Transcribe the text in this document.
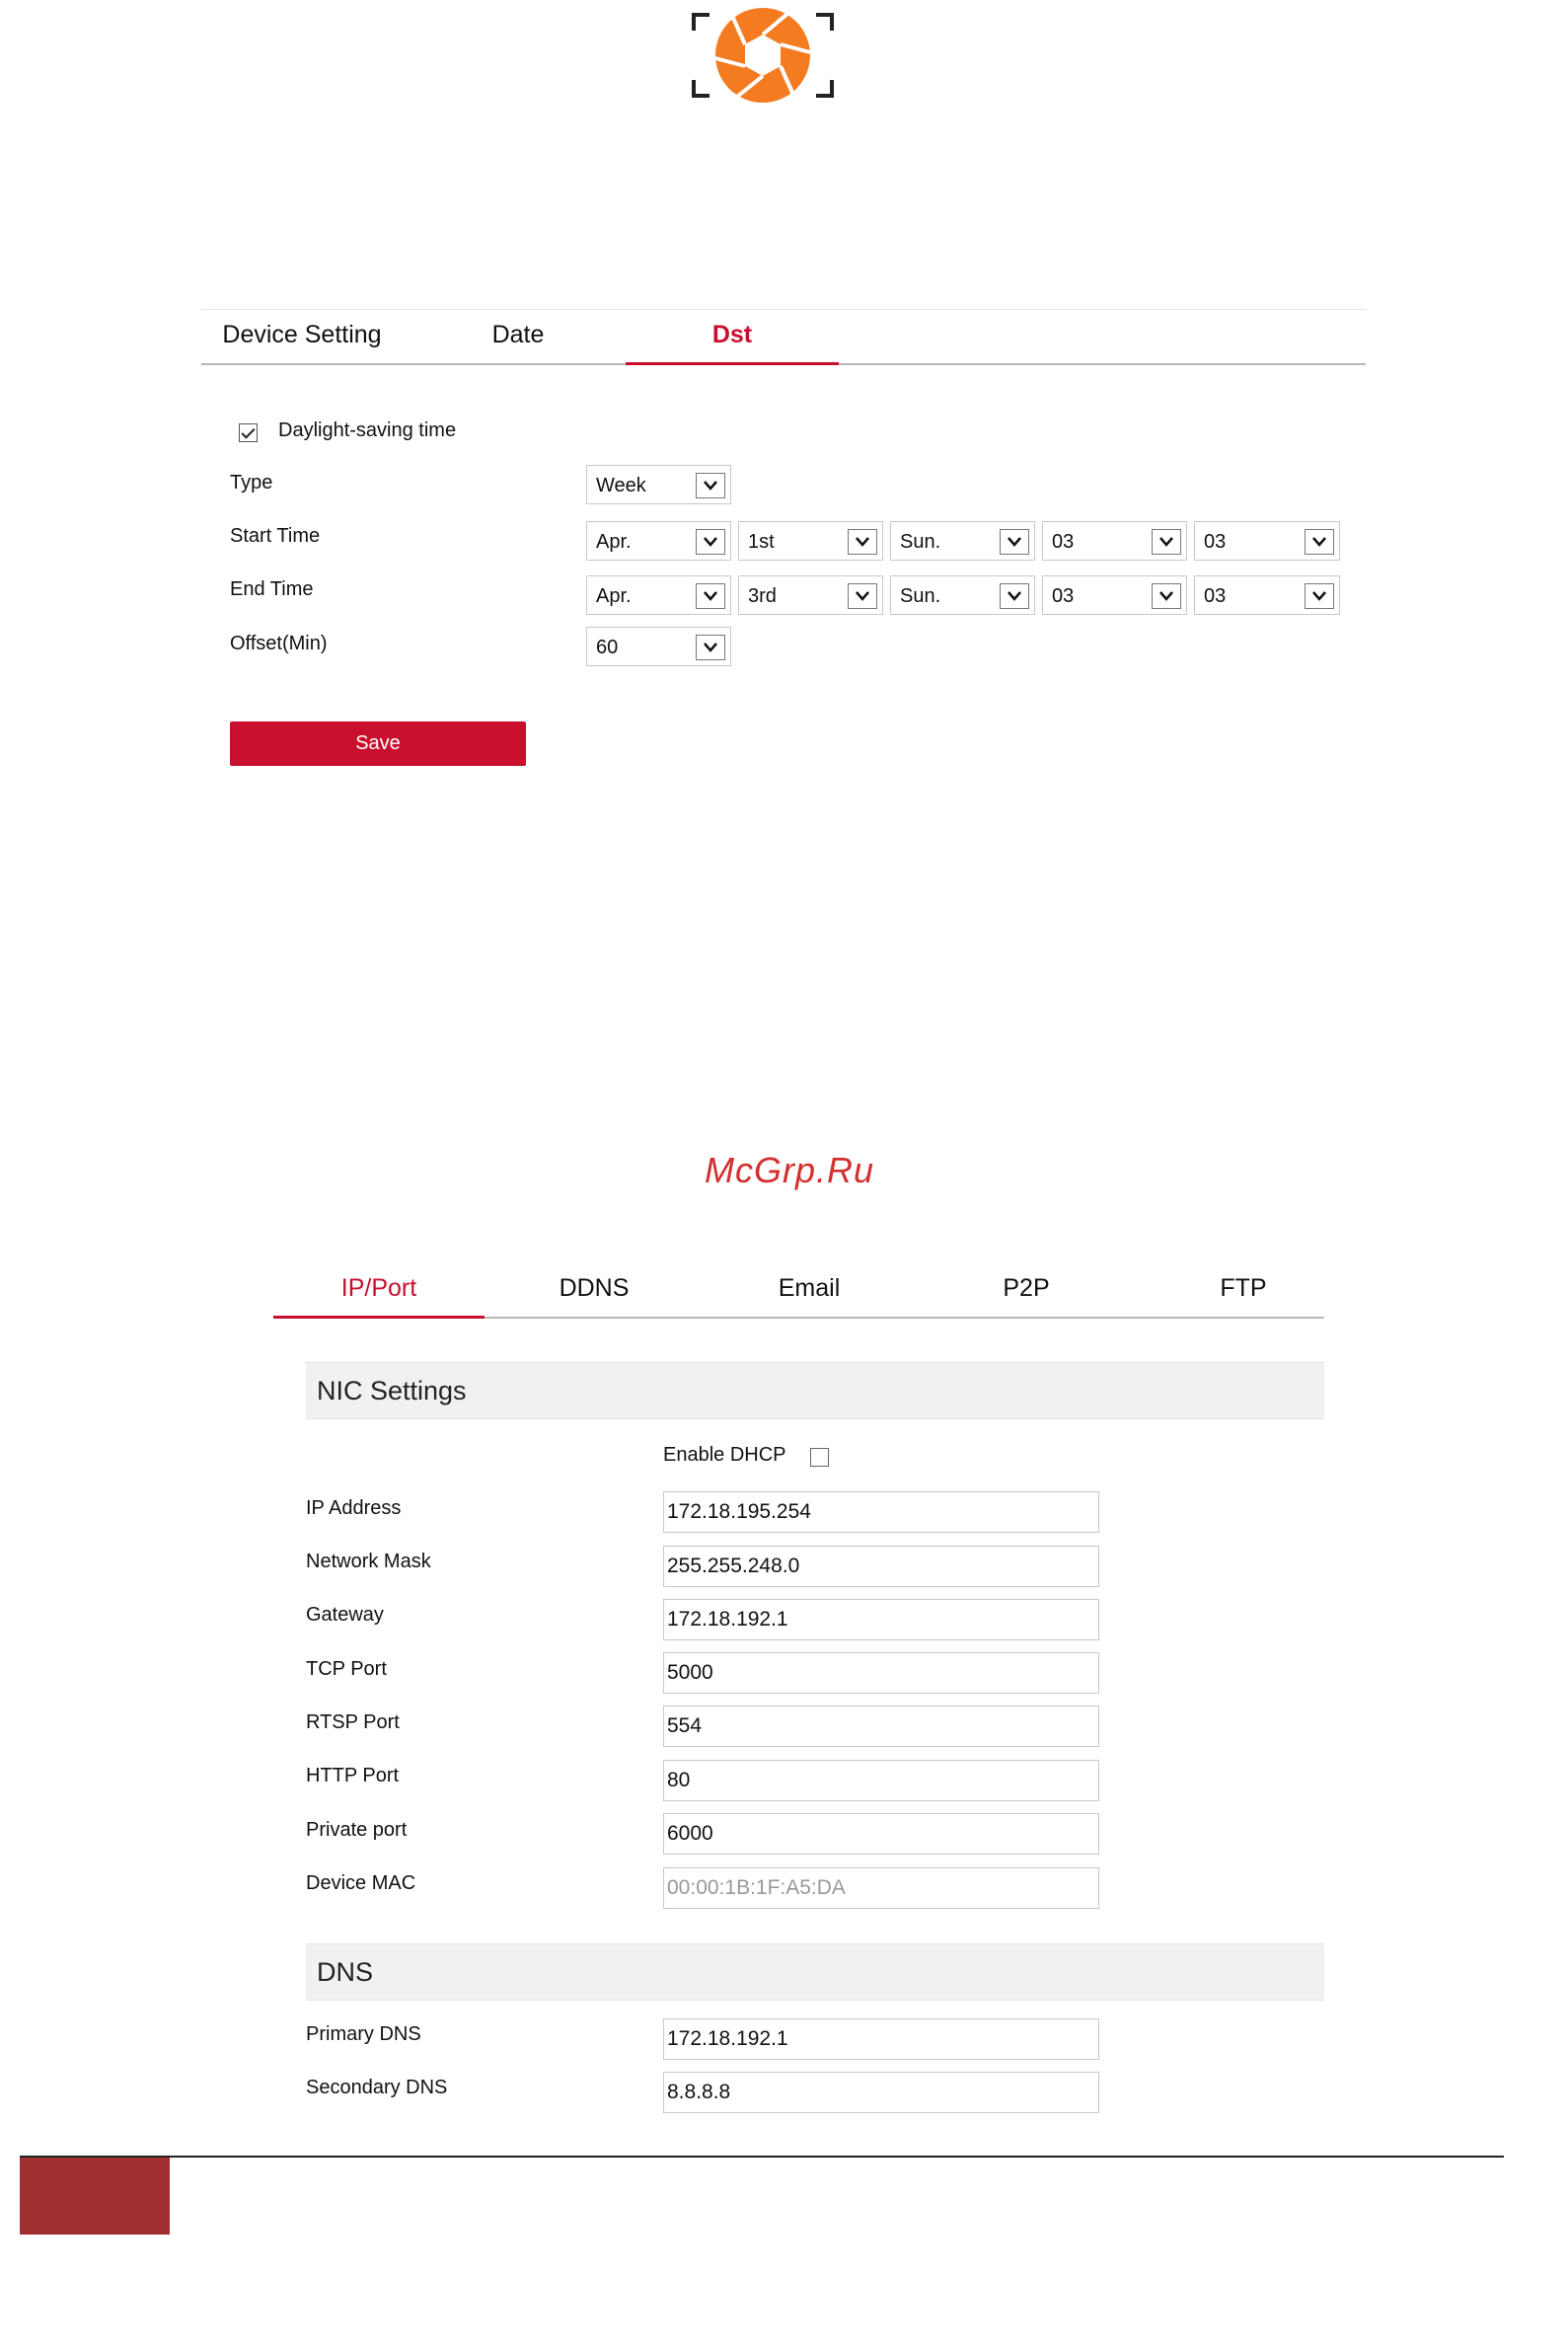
Device Setting	Date	Dst
Daylight-saving time
Type	Week
Start Time	Apr.	1st	Sun.	03	03
End Time	Apr.	3rd	Sun.	03	03
Offset(Min)	60
Save
McGrp.Ru
IP/Port	DDNS	Email	P2P	FTP
NIC Settings
Enable DHCP
IP Address	172.18.195.254
Network Mask	255.255.248.0
Gateway	172.18.192.1
TCP Port	5000
RTSP Port	554
HTTP Port	80
Private port	6000
Device MAC	00:00:1B:1F:A5:DA
DNS
Primary DNS	172.18.192.1
Secondary DNS	8.8.8.8
